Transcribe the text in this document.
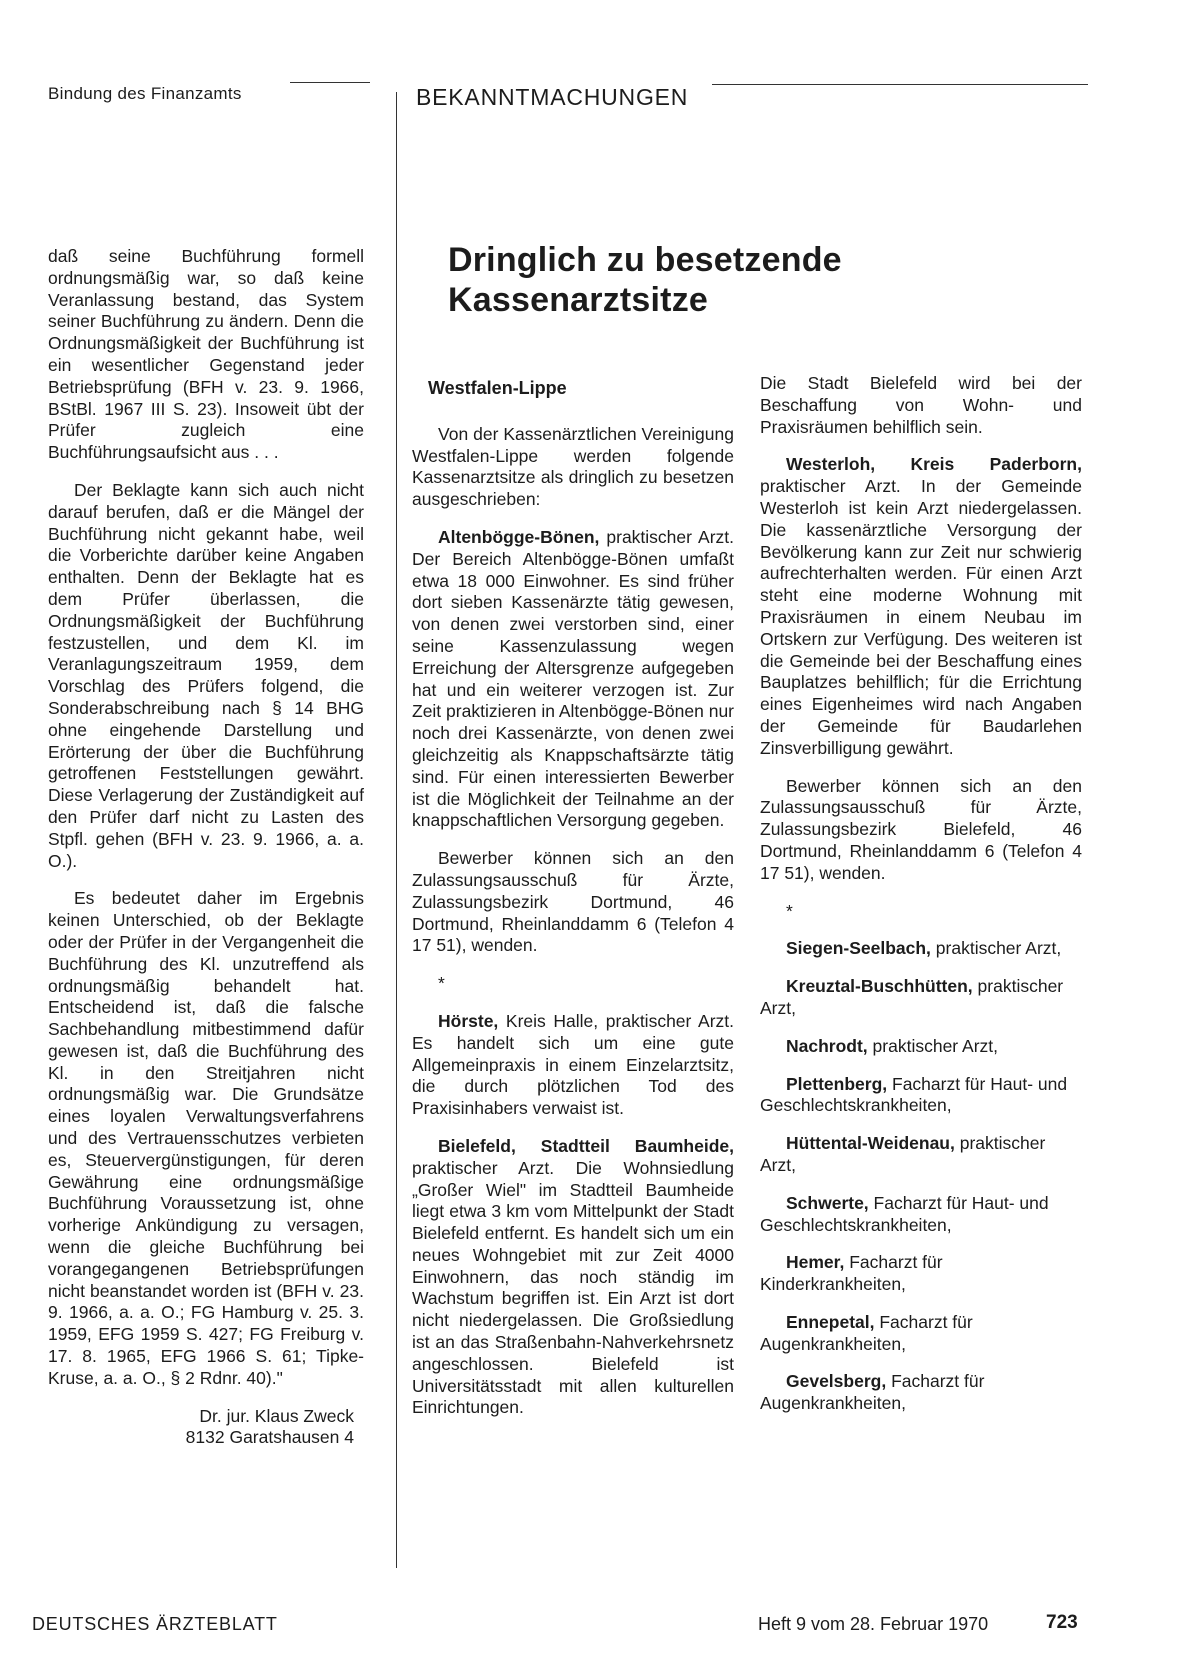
Bindung des Finanzamts	BEKANNTMACHUNGEN

daß seine Buchführung formell ordnungsmäßig war, so daß keine Veranlassung bestand, das System seiner Buchführung zu ändern. Denn die Ordnungsmäßigkeit der Buchführung ist ein wesentlicher Gegenstand jeder Betriebsprüfung (BFH v. 23. 9. 1966, BStBl. 1967 III S. 23). Insoweit übt der Prüfer zugleich eine Buchführungsaufsicht aus . . .

Der Beklagte kann sich auch nicht darauf berufen, daß er die Mängel der Buchführung nicht gekannt habe, weil die Vorberichte darüber keine Angaben enthalten. Denn der Beklagte hat es dem Prüfer überlassen, die Ordnungsmäßigkeit der Buchführung festzustellen, und dem Kl. im Veranlagungszeitraum 1959, dem Vorschlag des Prüfers folgend, die Sonderabschreibung nach § 14 BHG ohne eingehende Darstellung und Erörterung der über die Buchführung getroffenen Feststellungen gewährt. Diese Verlagerung der Zuständigkeit auf den Prüfer darf nicht zu Lasten des Stpfl. gehen (BFH v. 23. 9. 1966, a. a. O.).

Es bedeutet daher im Ergebnis keinen Unterschied, ob der Beklagte oder der Prüfer in der Vergangenheit die Buchführung des Kl. unzutreffend als ordnungsmäßig behandelt hat. Entscheidend ist, daß die falsche Sachbehandlung mitbestimmend dafür gewesen ist, daß die Buchführung des Kl. in den Streitjahren nicht ordnungsmäßig war. Die Grundsätze eines loyalen Verwaltungsverfahrens und des Vertrauensschutzes verbieten es, Steuervergünstigungen, für deren Gewährung eine ordnungsmäßige Buchführung Voraussetzung ist, ohne vorherige Ankündigung zu versagen, wenn die gleiche Buchführung bei vorangegangenen Betriebsprüfungen nicht beanstandet worden ist (BFH v. 23. 9. 1966, a. a. O.; FG Hamburg v. 25. 3. 1959, EFG 1959 S. 427; FG Freiburg v. 17. 8. 1965, EFG 1966 S. 61; Tipke-Kruse, a. a. O., § 2 Rdnr. 40)."

Dr. jur. Klaus Zweck
8132 Garatshausen 4
Dringlich zu besetzende Kassenarztsitze
Westfalen-Lippe

Von der Kassenärztlichen Vereinigung Westfalen-Lippe werden folgende Kassenarztsitze als dringlich zu besetzen ausgeschrieben:

Altenbögge-Bönen, praktischer Arzt. Der Bereich Altenbögge-Bönen umfaßt etwa 18 000 Einwohner. Es sind früher dort sieben Kassenärzte tätig gewesen, von denen zwei verstorben sind, einer seine Kassenzulassung wegen Erreichung der Altersgrenze aufgegeben hat und ein weiterer verzogen ist. Zur Zeit praktizieren in Altenbögge-Bönen nur noch drei Kassenärzte, von denen zwei gleichzeitig als Knappschaftsärzte tätig sind. Für einen interessierten Bewerber ist die Möglichkeit der Teilnahme an der knappschaftlichen Versorgung gegeben.

Bewerber können sich an den Zulassungsausschuß für Ärzte, Zulassungsbezirk Dortmund, 46 Dortmund, Rheinlanddamm 6 (Telefon 4 17 51), wenden.

*

Hörste, Kreis Halle, praktischer Arzt. Es handelt sich um eine gute Allgemeinpraxis in einem Einzelarztsitz, die durch plötzlichen Tod des Praxisinhabers verwaist ist.

Bielefeld, Stadtteil Baumheide, praktischer Arzt. Die Wohnsiedlung „Großer Wiel" im Stadtteil Baumheide liegt etwa 3 km vom Mittelpunkt der Stadt Bielefeld entfernt. Es handelt sich um ein neues Wohngebiet mit zur Zeit 4000 Einwohnern, das noch ständig im Wachstum begriffen ist. Ein Arzt ist dort nicht niedergelassen. Die Großsiedlung ist an das Straßenbahn-Nahverkehrsnetz angeschlossen. Bielefeld ist Universitätsstadt mit allen kulturellen Einrichtungen.

Die Stadt Bielefeld wird bei der Beschaffung von Wohn- und Praxisräumen behilflich sein.

Westerloh, Kreis Paderborn, praktischer Arzt. In der Gemeinde Westerloh ist kein Arzt niedergelassen. Die kassenärztliche Versorgung der Bevölkerung kann zur Zeit nur schwierig aufrechterhalten werden. Für einen Arzt steht eine moderne Wohnung mit Praxisräumen in einem Neubau im Ortskern zur Verfügung. Des weiteren ist die Gemeinde bei der Beschaffung eines Bauplatzes behilflich; für die Errichtung eines Eigenheimes wird nach Angaben der Gemeinde für Baudarlehen Zinsverbilligung gewährt.

Bewerber können sich an den Zulassungsausschuß für Ärzte, Zulassungsbezirk Bielefeld, 46 Dortmund, Rheinlanddamm 6 (Telefon 4 17 51), wenden.

*

Siegen-Seelbach, praktischer Arzt,

Kreuztal-Buschhütten, praktischer Arzt,

Nachrodt, praktischer Arzt,

Plettenberg, Facharzt für Haut- und Geschlechtskrankheiten,

Hüttental-Weidenau, praktischer Arzt,

Schwerte, Facharzt für Haut- und Geschlechtskrankheiten,

Hemer, Facharzt für Kinderkrankheiten,

Ennepetal, Facharzt für Augenkrankheiten,

Gevelsberg, Facharzt für Augenkrankheiten,

DEUTSCHES ÄRZTEBLATT	Heft 9 vom 28. Februar 1970	723
